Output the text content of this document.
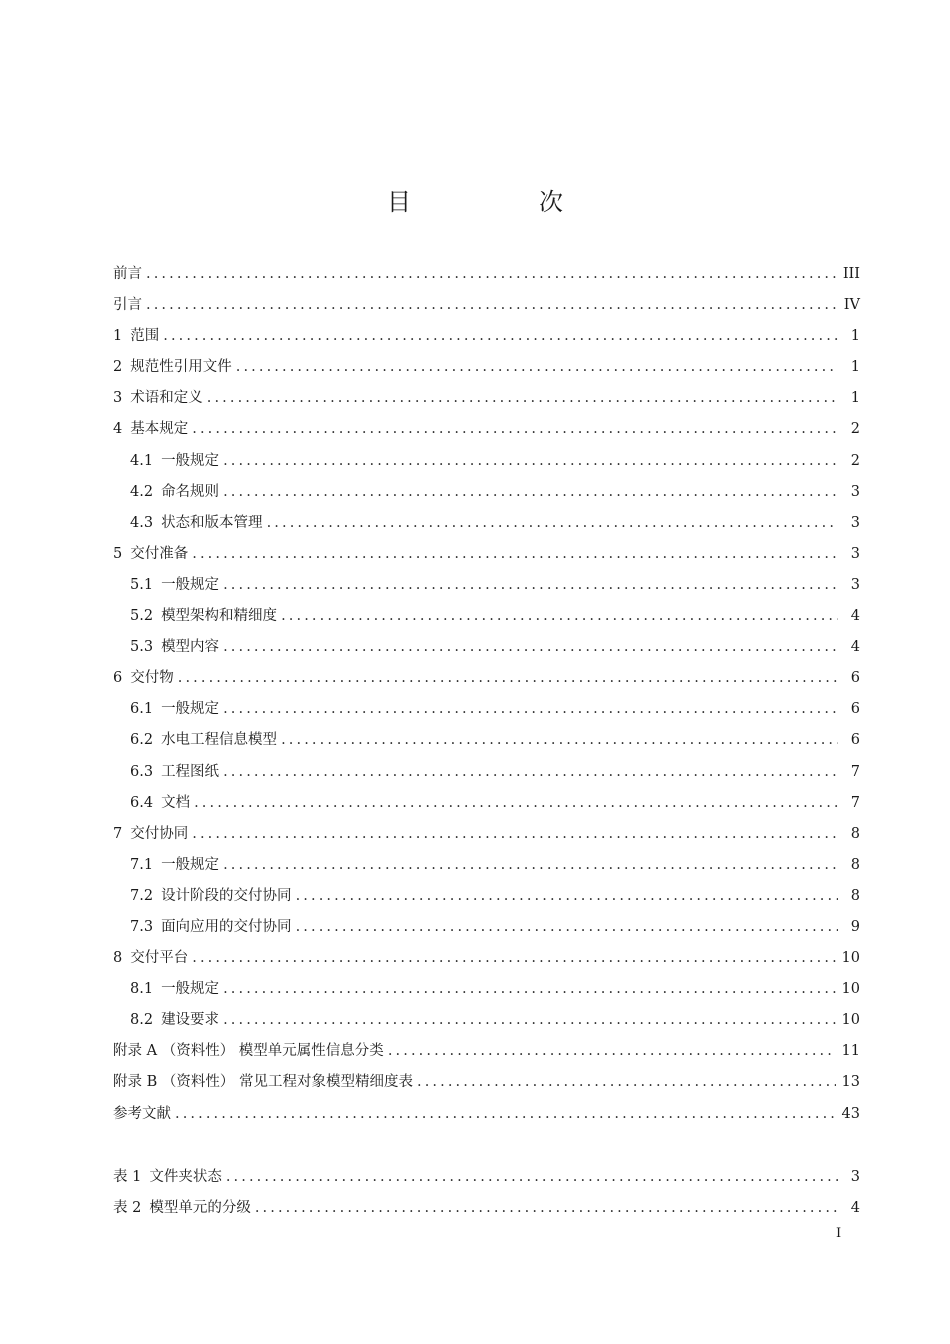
目　次
前言 .....	III
引言 .....	IV
1 范围 .....	1
2 规范性引用文件 .....	1
3 术语和定义 .....	1
4 基本规定 .....	2
4.1 一般规定 .....	2
4.2 命名规则 .....	3
4.3 状态和版本管理 .....	3
5 交付准备 .....	3
5.1 一般规定 .....	3
5.2 模型架构和精细度 .....	4
5.3 模型内容 .....	4
6 交付物 .....	6
6.1 一般规定 .....	6
6.2 水电工程信息模型 .....	6
6.3 工程图纸 .....	7
6.4 文档 .....	7
7 交付协同 .....	8
7.1 一般规定 .....	8
7.2 设计阶段的交付协同 .....	8
7.3 面向应用的交付协同 .....	9
8 交付平台 .....	10
8.1 一般规定 .....	10
8.2 建设要求 .....	10
附录 A （资料性） 模型单元属性信息分类 .....	11
附录 B （资料性） 常见工程对象模型精细度表 .....	13
参考文献 .....	43
表 1 文件夹状态 .....	3
表 2 模型单元的分级 .....	4
I
